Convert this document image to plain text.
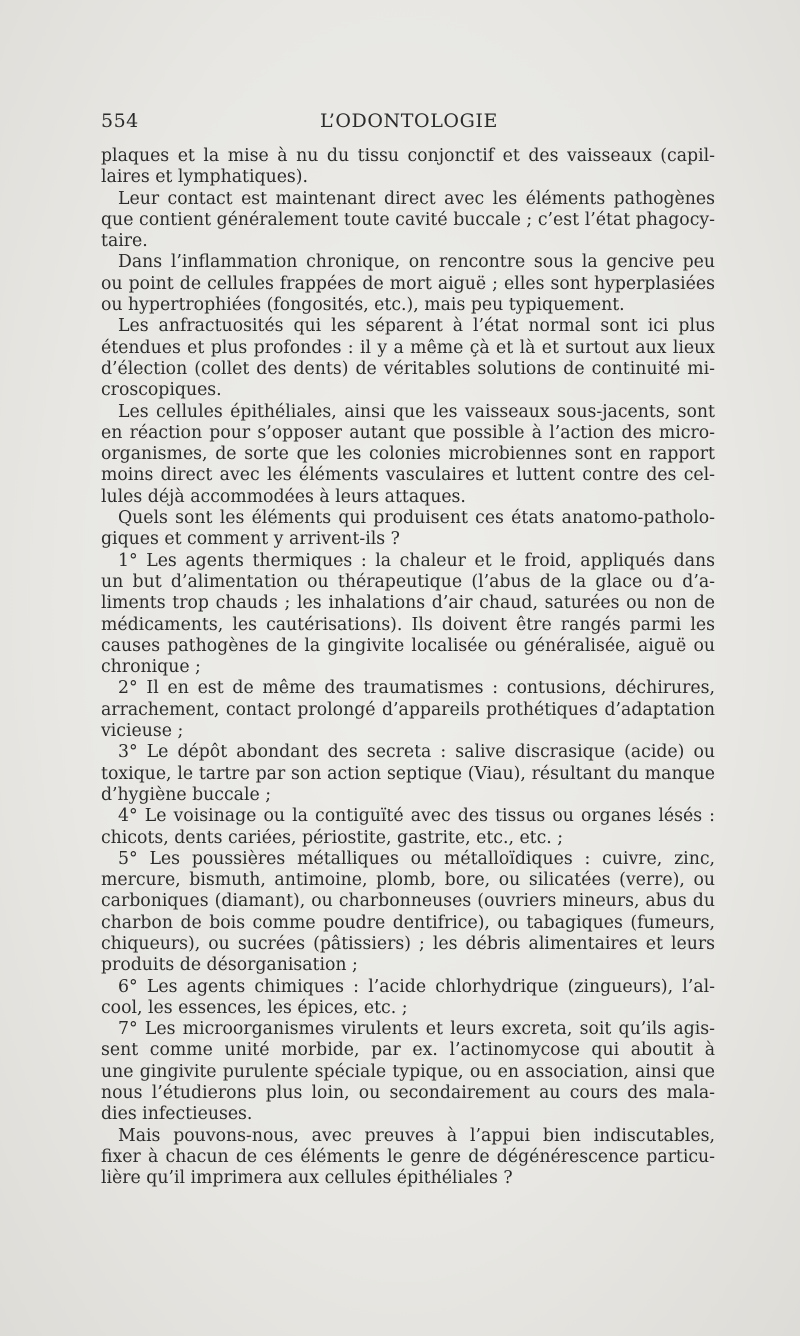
554	L’ODONTOLOGIE
plaques et la mise à nu du tissu conjonctif et des vaisseaux (capil-
laires et lymphatiques).
Leur contact est maintenant direct avec les éléments pathogènes
que contient généralement toute cavité buccale ; c’est l’état phagocy-
taire.
Dans l’inflammation chronique, on rencontre sous la gencive peu
ou point de cellules frappées de mort aiguë ; elles sont hyperplasiées
ou hypertrophiées (fongosités, etc.), mais peu typiquement.
Les anfractuosités qui les séparent à l’état normal sont ici plus
étendues et plus profondes : il y a même çà et là et surtout aux lieux
d’élection (collet des dents) de véritables solutions de continuité mi-
croscopiques.
Les cellules épithéliales, ainsi que les vaisseaux sous-jacents, sont
en réaction pour s’opposer autant que possible à l’action des micro-
organismes, de sorte que les colonies microbiennes sont en rapport
moins direct avec les éléments vasculaires et luttent contre des cel-
lules déjà accommodées à leurs attaques.
Quels sont les éléments qui produisent ces états anatomo-patholo-
giques et comment y arrivent-ils ?
1° Les agents thermiques : la chaleur et le froid, appliqués dans
un but d’alimentation ou thérapeutique (l’abus de la glace ou d’a-
liments trop chauds ; les inhalations d’air chaud, saturées ou non de
médicaments, les cautérisations). Ils doivent être rangés parmi les
causes pathogènes de la gingivite localisée ou généralisée, aiguë ou
chronique ;
2° Il en est de même des traumatismes : contusions, déchirures,
arrachement, contact prolongé d’appareils prothétiques d’adaptation
vicieuse ;
3° Le dépôt abondant des secreta : salive discrasique (acide) ou
toxique, le tartre par son action septique (Viau), résultant du manque
d’hygiène buccale ;
4° Le voisinage ou la contiguïté avec des tissus ou organes lésés :
chicots, dents cariées, périostite, gastrite, etc., etc. ;
5° Les poussières métalliques ou métalloïdiques : cuivre, zinc,
mercure, bismuth, antimoine, plomb, bore, ou silicatées (verre), ou
carboniques (diamant), ou charbonneuses (ouvriers mineurs, abus du
charbon de bois comme poudre dentifrice), ou tabagiques (fumeurs,
chiqueurs), ou sucrées (pâtissiers) ; les débris alimentaires et leurs
produits de désorganisation ;
6° Les agents chimiques : l’acide chlorhydrique (zingueurs), l’al-
cool, les essences, les épices, etc. ;
7° Les microorganismes virulents et leurs excreta, soit qu’ils agis-
sent comme unité morbide, par ex. l’actinomycose qui aboutit à
une gingivite purulente spéciale typique, ou en association, ainsi que
nous l’étudierons plus loin, ou secondairement au cours des mala-
dies infectieuses.
Mais pouvons-nous, avec preuves à l’appui bien indiscutables,
fixer à chacun de ces éléments le genre de dégénérescence particu-
lière qu’il imprimera aux cellules épithéliales ?
